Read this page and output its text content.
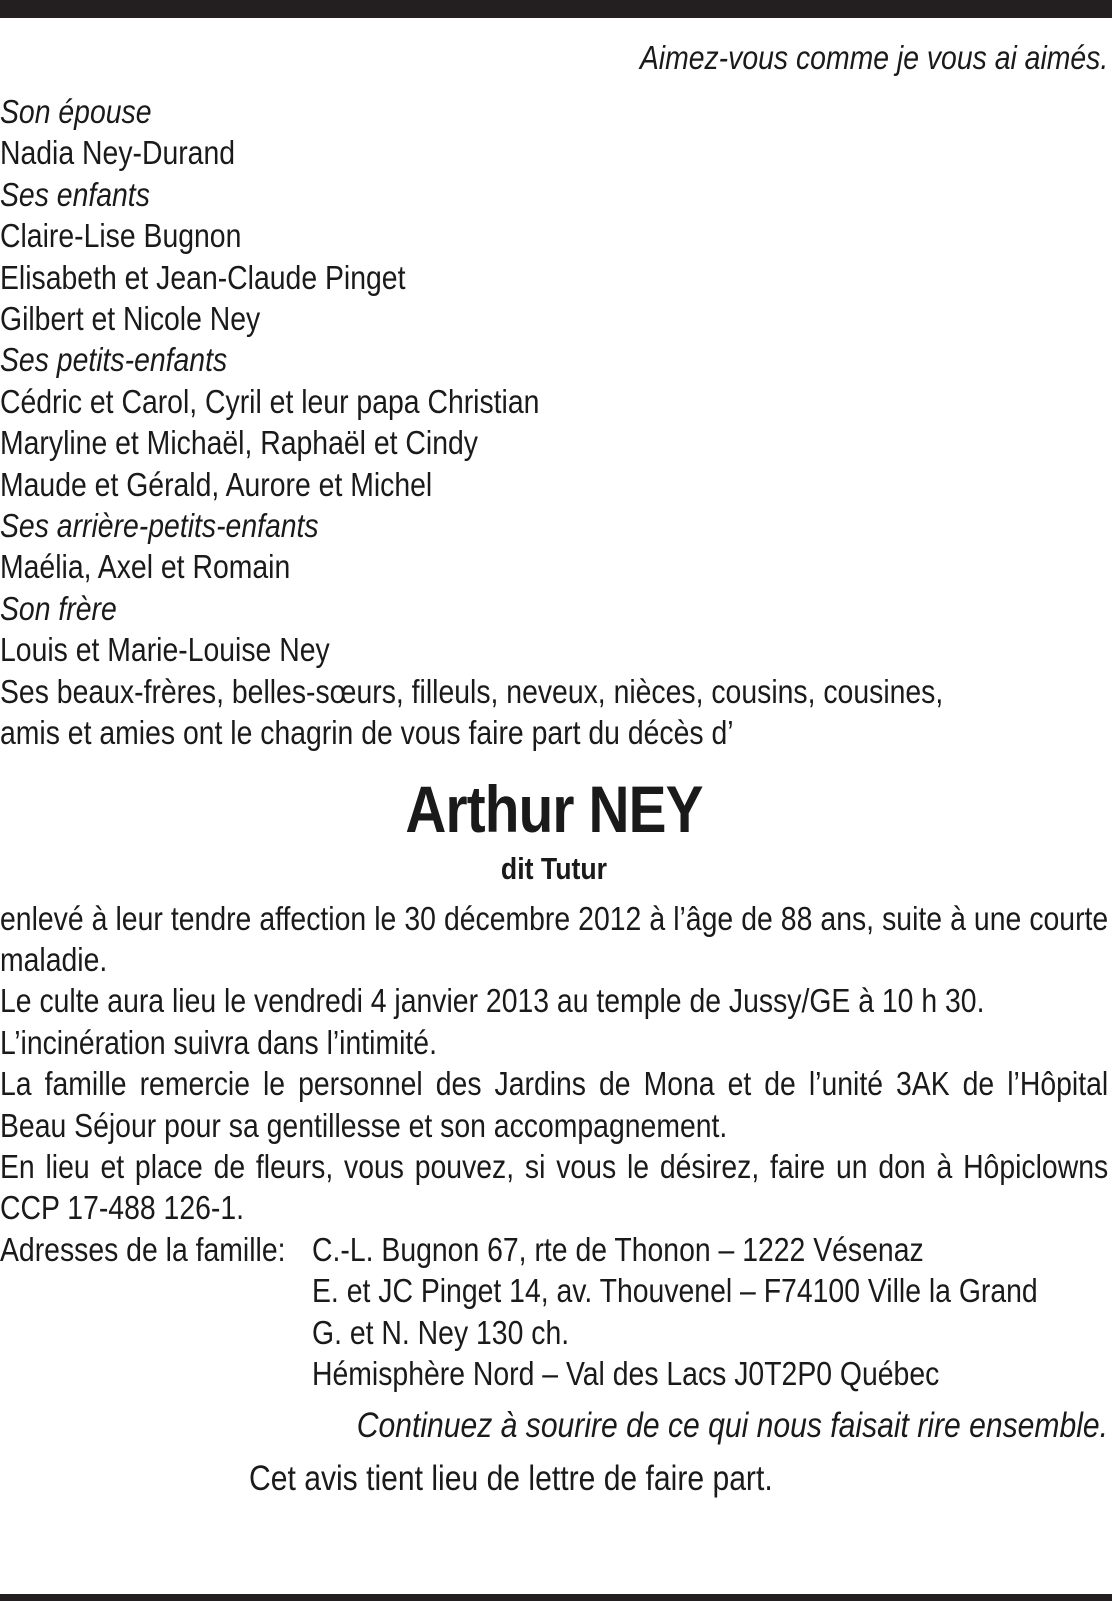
Aimez-vous comme je vous ai aimés.
Son épouse
Nadia Ney-Durand
Ses enfants
Claire-Lise Bugnon
Elisabeth et Jean-Claude Pinget
Gilbert et Nicole Ney
Ses petits-enfants
Cédric et Carol, Cyril et leur papa Christian
Maryline et Michaël, Raphaël et Cindy
Maude et Gérald, Aurore et Michel
Ses arrière-petits-enfants
Maélia, Axel et Romain
Son frère
Louis et Marie-Louise Ney
Ses beaux-frères, belles-sœurs, filleuls, neveux, nièces, cousins, cousines,
amis et amies ont le chagrin de vous faire part du décès d’
Arthur NEY
dit Tutur
enlevé à leur tendre affection le 30 décembre 2012 à l’âge de 88 ans, suite à une courte maladie.
Le culte aura lieu le vendredi 4 janvier 2013 au temple de Jussy/GE à 10 h 30.
L’incinération suivra dans l’intimité.
La famille remercie le personnel des Jardins de Mona et de l’unité 3AK de l’Hôpital Beau Séjour pour sa gentillesse et son accompagnement.
En lieu et place de fleurs, vous pouvez, si vous le désirez, faire un don à Hôpiclowns CCP 17-488 126-1.
Adresses de la famille: C.-L. Bugnon 67, rte de Thonon – 1222 Vésenaz
E. et JC Pinget 14, av. Thouvenel – F74100 Ville la Grand
G. et N. Ney 130 ch.
Hémisphère Nord – Val des Lacs J0T2P0 Québec
Continuez à sourire de ce qui nous faisait rire ensemble.
Cet avis tient lieu de lettre de faire part.
